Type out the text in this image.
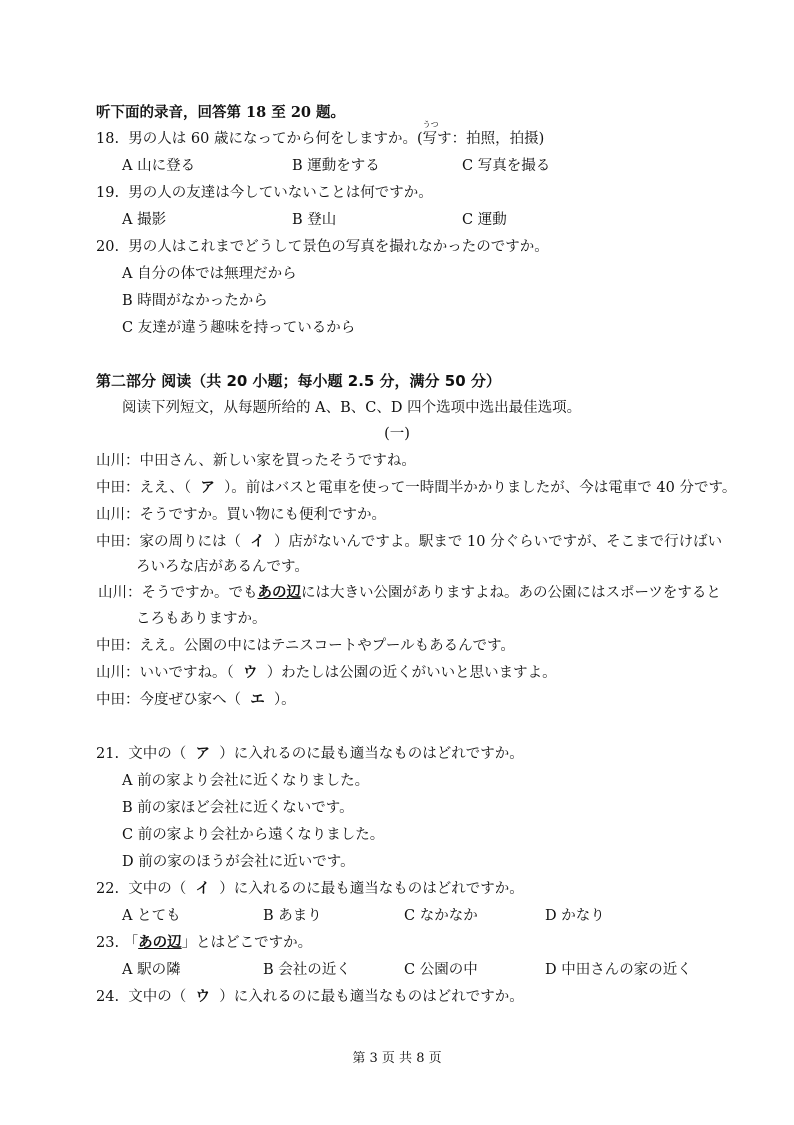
听下面的录音，回答第 18 至 20 题。
18. 男の人は 60 歳になってから何をしますか。(
うつ
写す：拍照，拍摄)
A 山に登る	B 運動をする	C 写真を撮る
19. 男の人の友達は今していないことは何ですか。
A 撮影	B 登山	C 運動
20. 男の人はこれまでどうして景色の写真を撮れなかったのですか。
A 自分の体では無理だから
B 時間がなかったから
C 友達が違う趣味を持っているから
第二部分 阅读（共 20 小题；每小题 2.5 分，满分 50 分）
阅读下列短文，从每题所给的 A、B、C、D 四个选项中选出最佳选项。
(一)
山川：中田さん、新しい家を買ったそうですね。
中田：ええ、（ ア ）。前はバスと電車を使って一時間半かかりましたが、今は電車で 40 分です。
山川：そうですか。買い物にも便利ですか。
中田：家の周りには（ イ ）店がないんですよ。駅まで 10 分ぐらいですが、そこまで行けばい
ろいろな店があるんです。
山川：そうですか。でもあの辺には大きい公園がありますよね。あの公園にはスポーツをすると
ころもありますか。
中田：ええ。公園の中にはテニスコートやプールもあるんです。
山川：いいですね。（ ウ ）わたしは公園の近くがいいと思いますよ。
中田：今度ぜひ家へ（ エ ）。
21. 文中の（ ア ）に入れるのに最も適当なものはどれですか。
A 前の家より会社に近くなりました。
B 前の家ほど会社に近くないです。
C 前の家より会社から遠くなりました。
D 前の家のほうが会社に近いです。
22. 文中の（ イ ）に入れるのに最も適当なものはどれですか。
A とても	B あまり	C なかなか	D かなり
23. 「あの辺」とはどこですか。
A 駅の隣	B 会社の近く	C 公園の中	D 中田さんの家の近く
24. 文中の（ ウ ）に入れるのに最も適当なものはどれですか。
第 3 页 共 8 页
